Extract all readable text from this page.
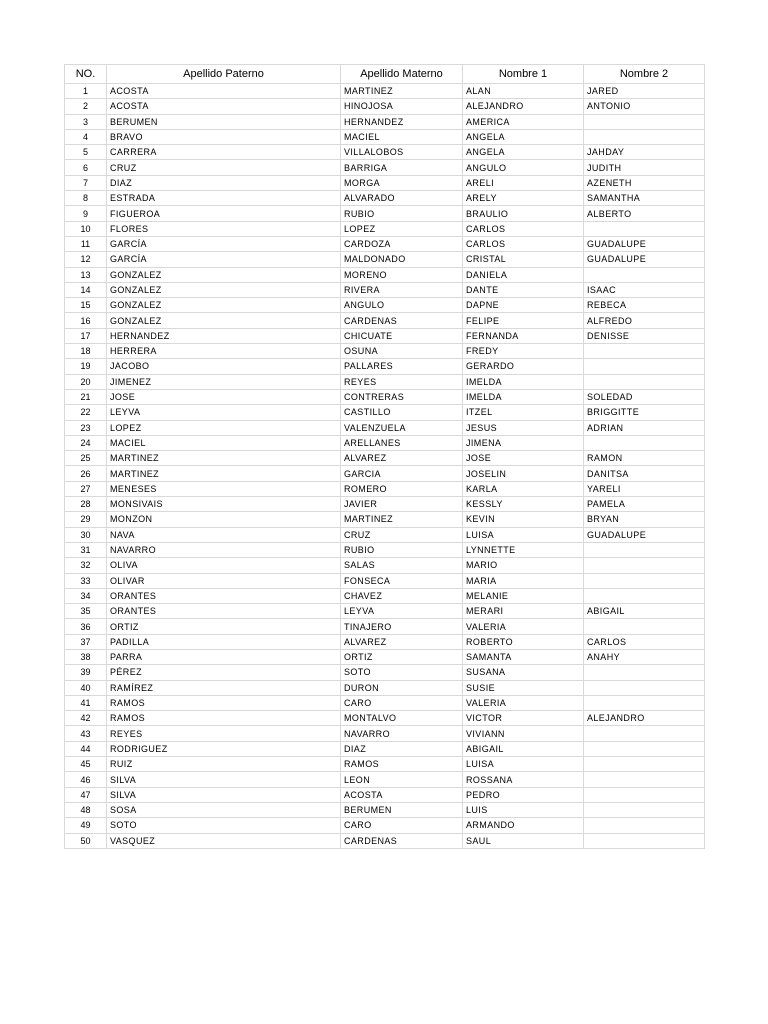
NO.	Apellido Paterno	Apellido Materno	Nombre 1	Nombre 2
1	ACOSTA	MARTINEZ	ALAN	JARED
2	ACOSTA	HINOJOSA	ALEJANDRO	ANTONIO
3	BERUMEN	HERNANDEZ	AMERICA	
4	BRAVO	MACIEL	ANGELA	
5	CARRERA	VILLALOBOS	ANGELA	JAHDAY
6	CRUZ	BARRIGA	ANGULO	JUDITH
7	DIAZ	MORGA	ARELI	AZENETH
8	ESTRADA	ALVARADO	ARELY	SAMANTHA
9	FIGUEROA	RUBIO	BRAULIO	ALBERTO
10	FLORES	LOPEZ	CARLOS	
11	GARCÍA	CARDOZA	CARLOS	GUADALUPE
12	GARCÍA	MALDONADO	CRISTAL	GUADALUPE
13	GONZALEZ	MORENO	DANIELA	
14	GONZALEZ	RIVERA	DANTE	ISAAC
15	GONZALEZ	ANGULO	DAPNE	REBECA
16	GONZALEZ	CARDENAS	FELIPE	ALFREDO
17	HERNANDEZ	CHICUATE	FERNANDA	DENISSE
18	HERRERA	OSUNA	FREDY	
19	JACOBO	PALLARES	GERARDO	
20	JIMENEZ	REYES	IMELDA	
21	JOSE	CONTRERAS	IMELDA	SOLEDAD
22	LEYVA	CASTILLO	ITZEL	BRIGGITTE
23	LOPEZ	VALENZUELA	JESUS	ADRIAN
24	MACIEL	ARELLANES	JIMENA	
25	MARTINEZ	ALVAREZ	JOSE	RAMON
26	MARTINEZ	GARCIA	JOSELIN	DANITSA
27	MENESES	ROMERO	KARLA	YARELI
28	MONSIVAIS	JAVIER	KESSLY	PAMELA
29	MONZON	MARTINEZ	KEVIN	BRYAN
30	NAVA	CRUZ	LUISA	GUADALUPE
31	NAVARRO	RUBIO	LYNNETTE	
32	OLIVA	SALAS	MARIO	
33	OLIVAR	FONSECA	MARIA	
34	ORANTES	CHAVEZ	MELANIE	
35	ORANTES	LEYVA	MERARI	ABIGAIL
36	ORTIZ	TINAJERO	VALERIA	
37	PADILLA	ALVAREZ	ROBERTO	CARLOS
38	PARRA	ORTIZ	SAMANTA	ANAHY
39	PÉREZ	SOTO	SUSANA	
40	RAMÍREZ	DURON	SUSIE	
41	RAMOS	CARO	VALERIA	
42	RAMOS	MONTALVO	VICTOR	ALEJANDRO
43	REYES	NAVARRO	VIVIANN	
44	RODRIGUEZ	DIAZ	ABIGAIL	
45	RUIZ	RAMOS	LUISA	
46	SILVA	LEON	ROSSANA	
47	SILVA	ACOSTA	PEDRO	
48	SOSA	BERUMEN	LUIS	
49	SOTO	CARO	ARMANDO	
50	VASQUEZ	CARDENAS	SAUL	
